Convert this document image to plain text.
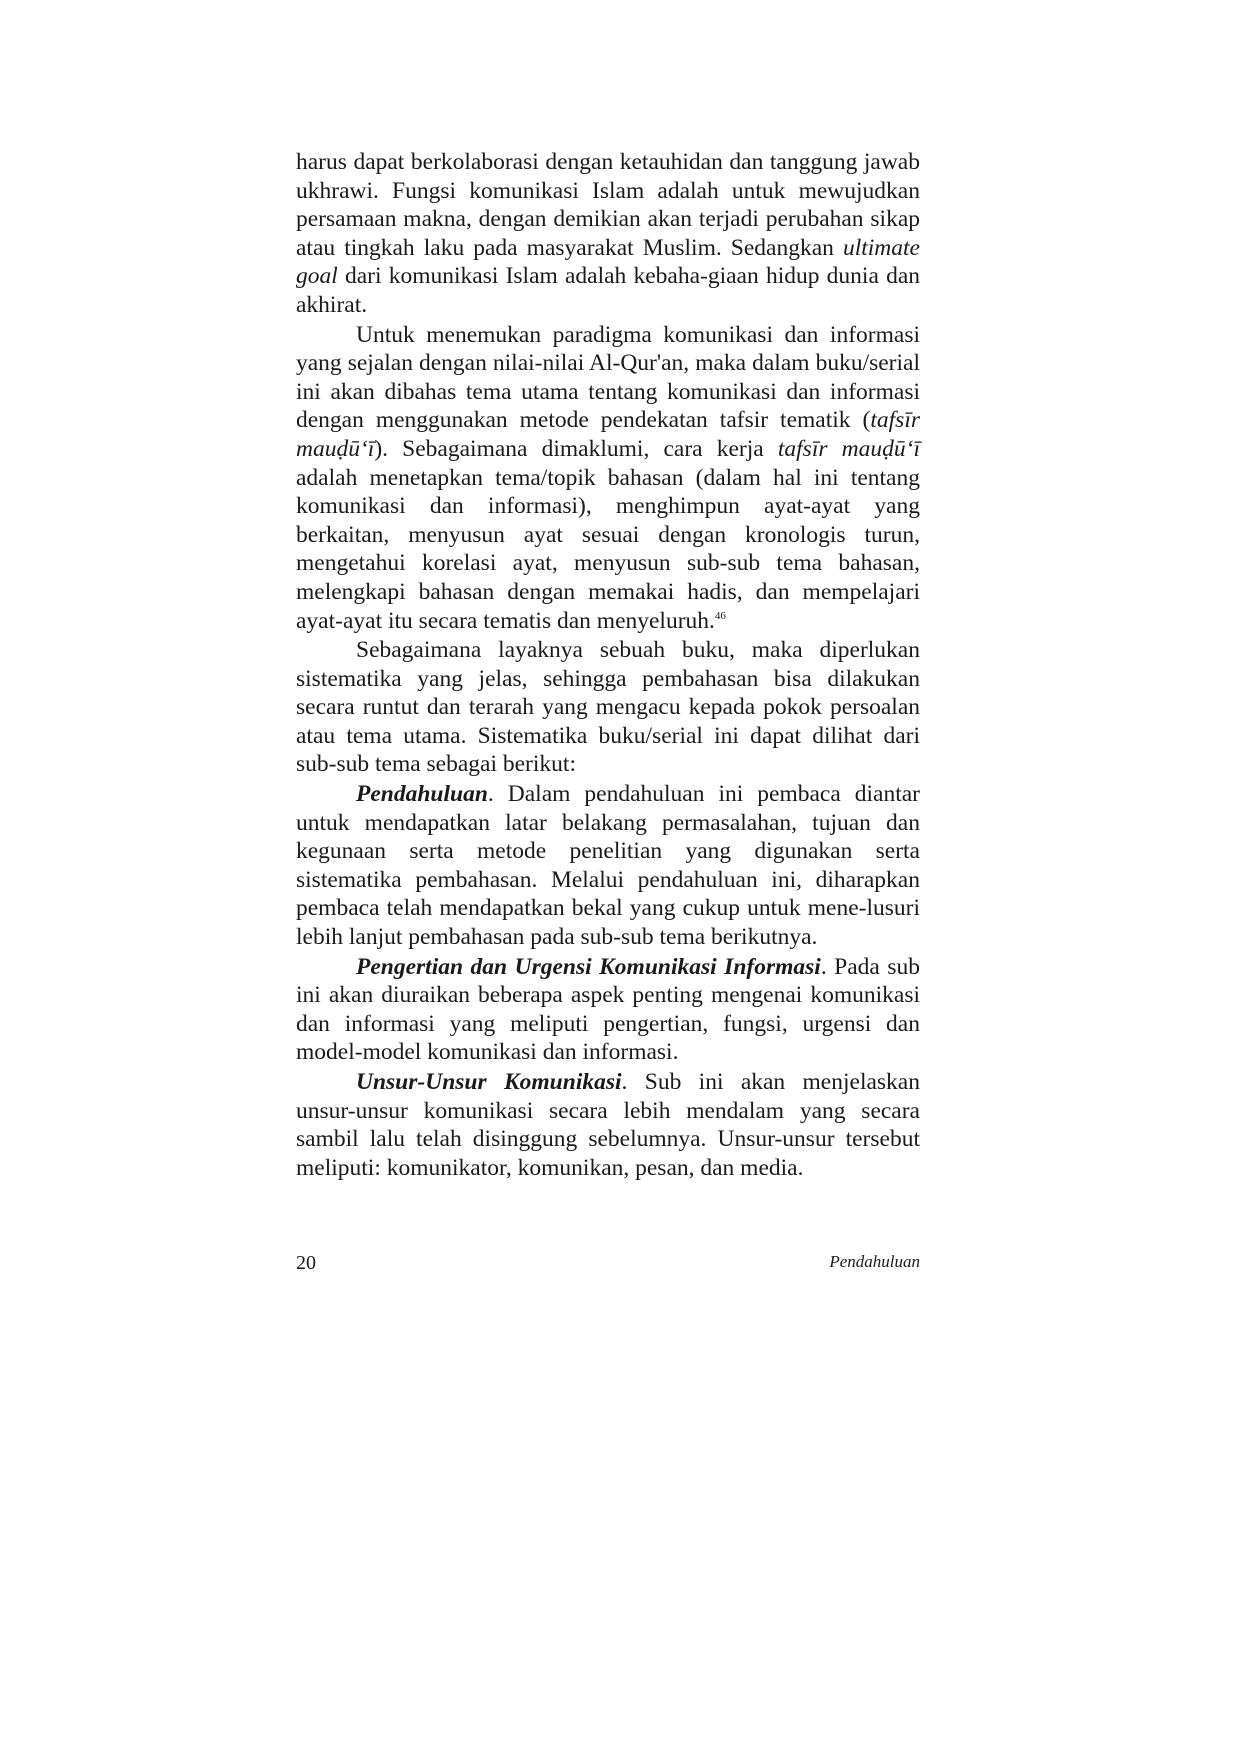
harus dapat berkolaborasi dengan ketauhidan dan tanggung jawab ukhrawi. Fungsi komunikasi Islam adalah untuk mewujudkan persamaan makna, dengan demikian akan terjadi perubahan sikap atau tingkah laku pada masyarakat Muslim. Sedangkan ultimate goal dari komunikasi Islam adalah kebaha-giaan hidup dunia dan akhirat.

Untuk menemukan paradigma komunikasi dan informasi yang sejalan dengan nilai-nilai Al-Qur'an, maka dalam buku/serial ini akan dibahas tema utama tentang komunikasi dan informasi dengan menggunakan metode pendekatan tafsir tematik (tafsīr mauḍū‘ī). Sebagaimana dimaklumi, cara kerja tafsīr mauḍū‘ī adalah menetapkan tema/topik bahasan (dalam hal ini tentang komunikasi dan informasi), menghimpun ayat-ayat yang berkaitan, menyusun ayat sesuai dengan kronologis turun, mengetahui korelasi ayat, menyusun sub-sub tema bahasan, melengkapi bahasan dengan memakai hadis, dan mempelajari ayat-ayat itu secara tematis dan menyeluruh.$^{46}$

Sebagaimana layaknya sebuah buku, maka diperlukan sistematika yang jelas, sehingga pembahasan bisa dilakukan secara runtut dan terarah yang mengacu kepada pokok persoalan atau tema utama. Sistematika buku/serial ini dapat dilihat dari sub-sub tema sebagai berikut:

Pendahuluan. Dalam pendahuluan ini pembaca diantar untuk mendapatkan latar belakang permasalahan, tujuan dan kegunaan serta metode penelitian yang digunakan serta sistematika pembahasan. Melalui pendahuluan ini, diharapkan pembaca telah mendapatkan bekal yang cukup untuk mene-lusuri lebih lanjut pembahasan pada sub-sub tema berikutnya.

Pengertian dan Urgensi Komunikasi Informasi. Pada sub ini akan diuraikan beberapa aspek penting mengenai komunikasi dan informasi yang meliputi pengertian, fungsi, urgensi dan model-model komunikasi dan informasi.

Unsur-Unsur Komunikasi. Sub ini akan menjelaskan unsur-unsur komunikasi secara lebih mendalam yang secara sambil lalu telah disinggung sebelumnya. Unsur-unsur tersebut meliputi: komunikator, komunikan, pesan, dan media.

20	Pendahuluan
